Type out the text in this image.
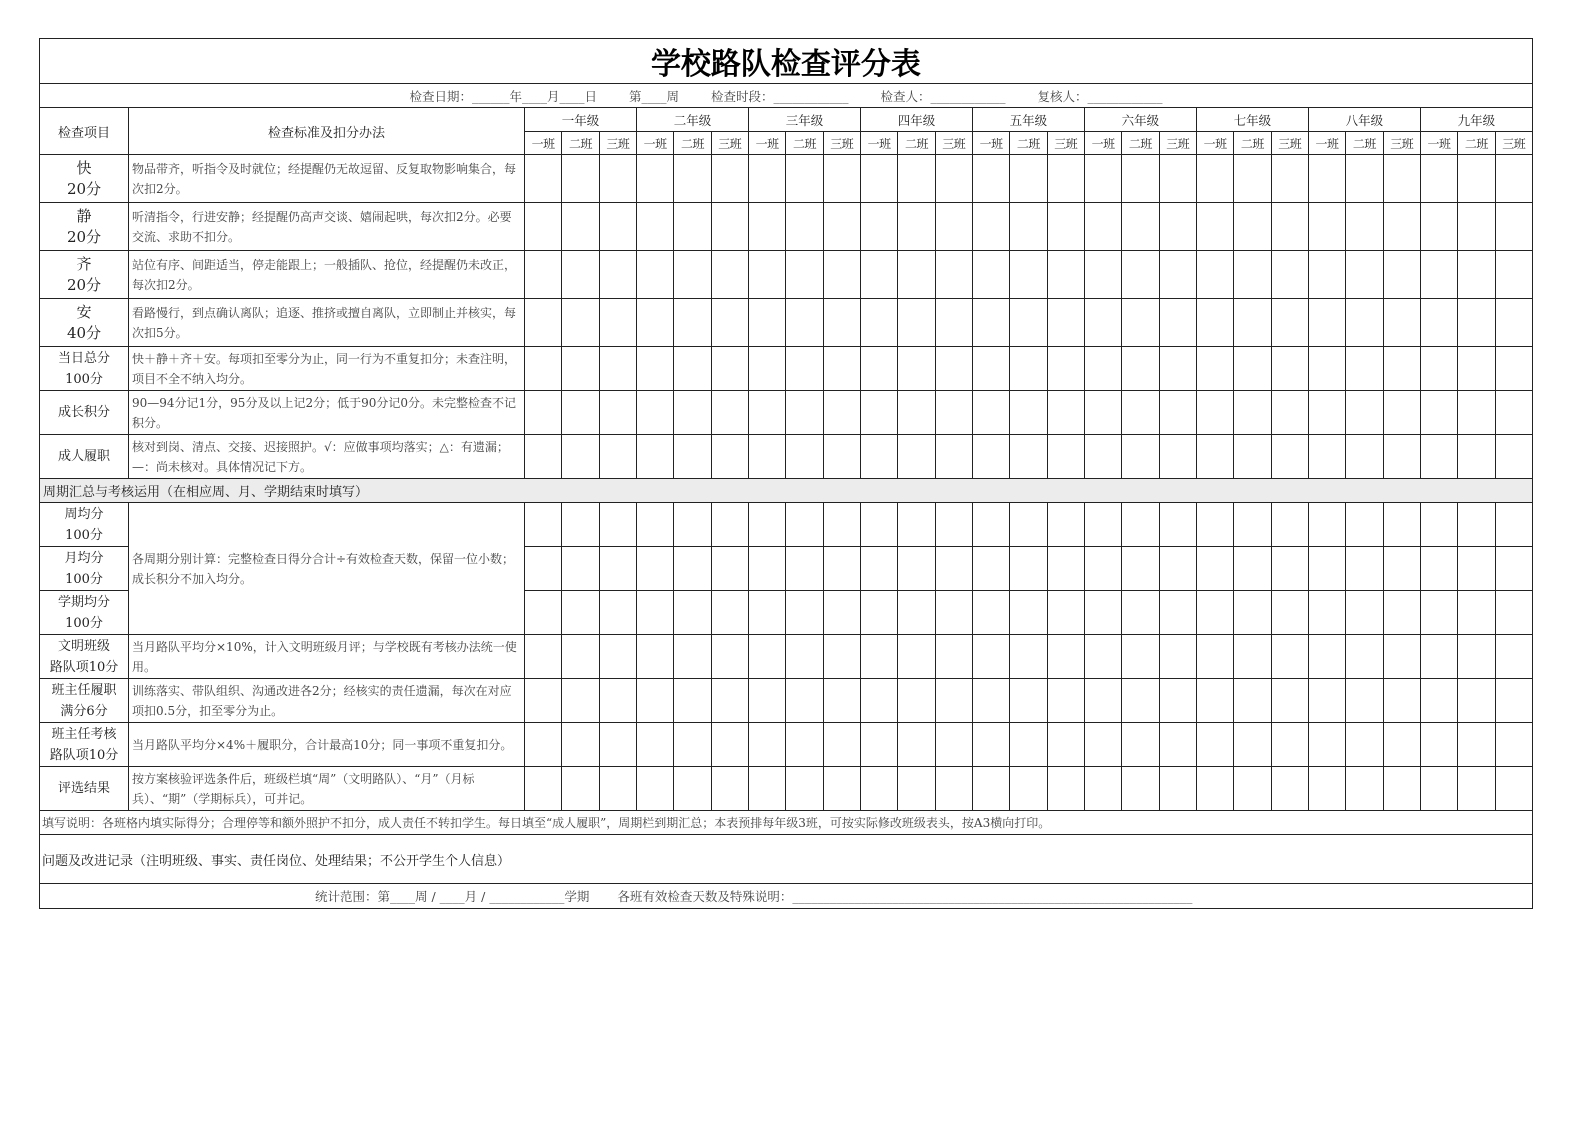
学校路队检查评分表																												
检查日期：______年____月____日 第____周 检查时段：____________ 检查人：____________ 复核人：____________																												
检查项目	检查标准及扣分办法	一年级			二年级			三年级			四年级			五年级			六年级			七年级			八年级			九年级		
		一班	二班	三班	一班	二班	三班	一班	二班	三班	一班	二班	三班	一班	二班	三班	一班	二班	三班	一班	二班	三班	一班	二班	三班	一班	二班	三班

快
20分	物品带齐，听指令及时就位；经提醒仍无故逗留、反复取物影响集合，每次扣2分。																											

静
20分	听清指令，行进安静；经提醒仍高声交谈、嬉闹起哄，每次扣2分。必要交流、求助不扣分。																											

齐
20分	站位有序、间距适当，停走能跟上；一般插队、抢位，经提醒仍未改正，每次扣2分。																											

安
40分	看路慢行，到点确认离队；追逐、推挤或擅自离队，立即制止并核实，每次扣5分。																											

当日总分
100分	快＋静＋齐＋安。每项扣至零分为止，同一行为不重复扣分；未查注明，项目不全不纳入均分。																											

成长积分	90—94分记1分，95分及以上记2分；低于90分记0分。未完整检查不记积分。																											

成人履职	核对到岗、清点、交接、迟接照护。√：应做事项均落实；△：有遗漏；—：尚未核对。具体情况记下方。																											
周期汇总与考核运用（在相应周、月、学期结束时填写）																												

周均分
100分	各周期分别计算：完整检查日得分合计÷有效检查天数，保留一位小数；成长积分不加入均分。																											

月均分
100分																												

学期均分
100分																												

文明班级
路队项10分	当月路队平均分×10%，计入文明班级月评；与学校既有考核办法统一使用。																											

班主任履职
满分6分	训练落实、带队组织、沟通改进各2分；经核实的责任遗漏，每次在对应项扣0.5分，扣至零分为止。																											

班主任考核
路队项10分	当月路队平均分×4%＋履职分，合计最高10分；同一事项不重复扣分。																											

评选结果	按方案核验评选条件后，班级栏填“周”（文明路队）、“月”（月标兵）、“期”（学期标兵），可并记。																											
填写说明：各班格内填实际得分；合理停等和额外照护不扣分，成人责任不转扣学生。每日填至“成人履职”，周期栏到期汇总；本表预排每年级3班，可按实际修改班级表头，按A3横向打印。																												
问题及改进记录（注明班级、事实、责任岗位、处理结果；不公开学生个人信息）																												
统计范围：第____周 / ____月 / ____________学期 各班有效检查天数及特殊说明：________________________________________________________________																												
